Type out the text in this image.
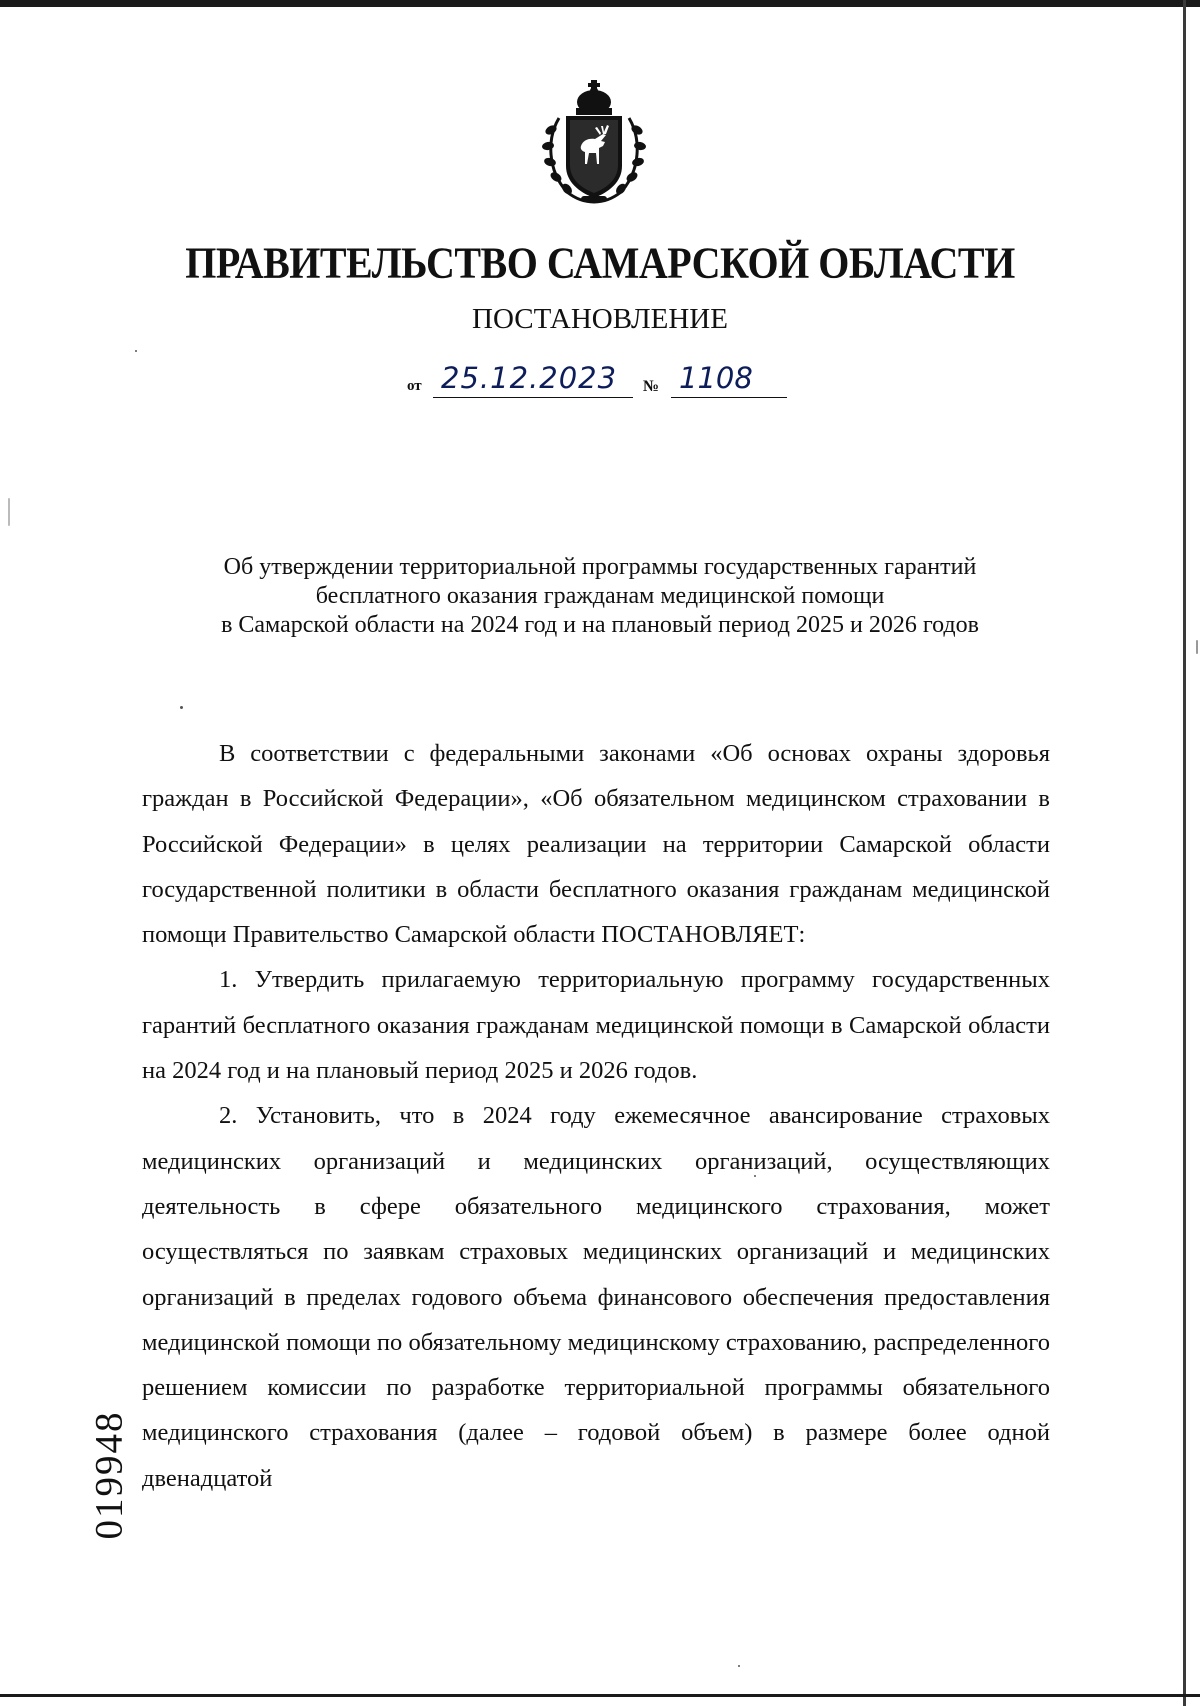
ПРАВИТЕЛЬСТВО САМАРСКОЙ ОБЛАСТИ
ПОСТАНОВЛЕНИЕ
от 25.12.2023	№ 1108
Об утверждении территориальной программы государственных гарантий
бесплатного оказания гражданам медицинской помощи
в Самарской области на 2024 год и на плановый период 2025 и 2026 годов

В соответствии с федеральными законами «Об основах охраны здоровья граждан в Российской Федерации», «Об обязательном медицинском страховании в Российской Федерации» в целях реализации на территории Самарской области государственной политики в области бесплатного оказания гражданам медицинской помощи Правительство Самарской области ПОСТАНОВЛЯЕТ:

1. Утвердить прилагаемую территориальную программу государственных гарантий бесплатного оказания гражданам медицинской помощи в Самарской области на 2024 год и на плановый период 2025 и 2026 годов.

2. Установить, что в 2024 году ежемесячное авансирование страховых медицинских организаций и медицинских организаций, осуществляющих деятельность в сфере обязательного медицинского страхования, может осуществляться по заявкам страховых медицинских организаций и медицинских организаций в пределах годового объема финансового обеспечения предоставления медицинской помощи по обязательному медицинскому страхованию, распределенного решением комиссии по разработке территориальной программы обязательного медицинского страхования (далее – годовой объем) в размере более одной двенадцатой

019948
